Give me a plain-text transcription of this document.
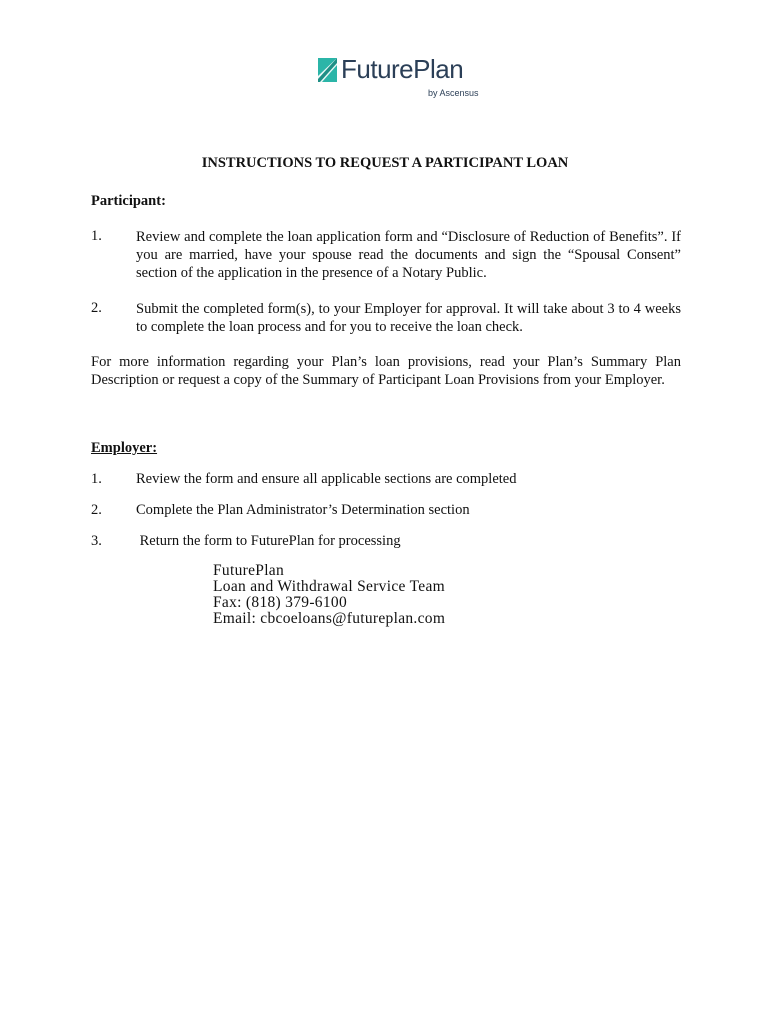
FuturePlan
by Ascensus
INSTRUCTIONS TO REQUEST A PARTICIPANT LOAN
Participant:
1. Review and complete the loan application form and “Disclosure of Reduction of Benefits”. If you are married, have your spouse read the documents and sign the “Spousal Consent” section of the application in the presence of a Notary Public.
2. Submit the completed form(s), to your Employer for approval. It will take about 3 to 4 weeks to complete the loan process and for you to receive the loan check.
For more information regarding your Plan’s loan provisions, read your Plan’s Summary Plan Description or request a copy of the Summary of Participant Loan Provisions from your Employer.
Employer:
1. Review the form and ensure all applicable sections are completed
2. Complete the Plan Administrator’s Determination section
3. Return the form to FuturePlan for processing
FuturePlan
Loan and Withdrawal Service Team
Fax: (818) 379-6100
Email: cbcoeloans@futureplan.com
